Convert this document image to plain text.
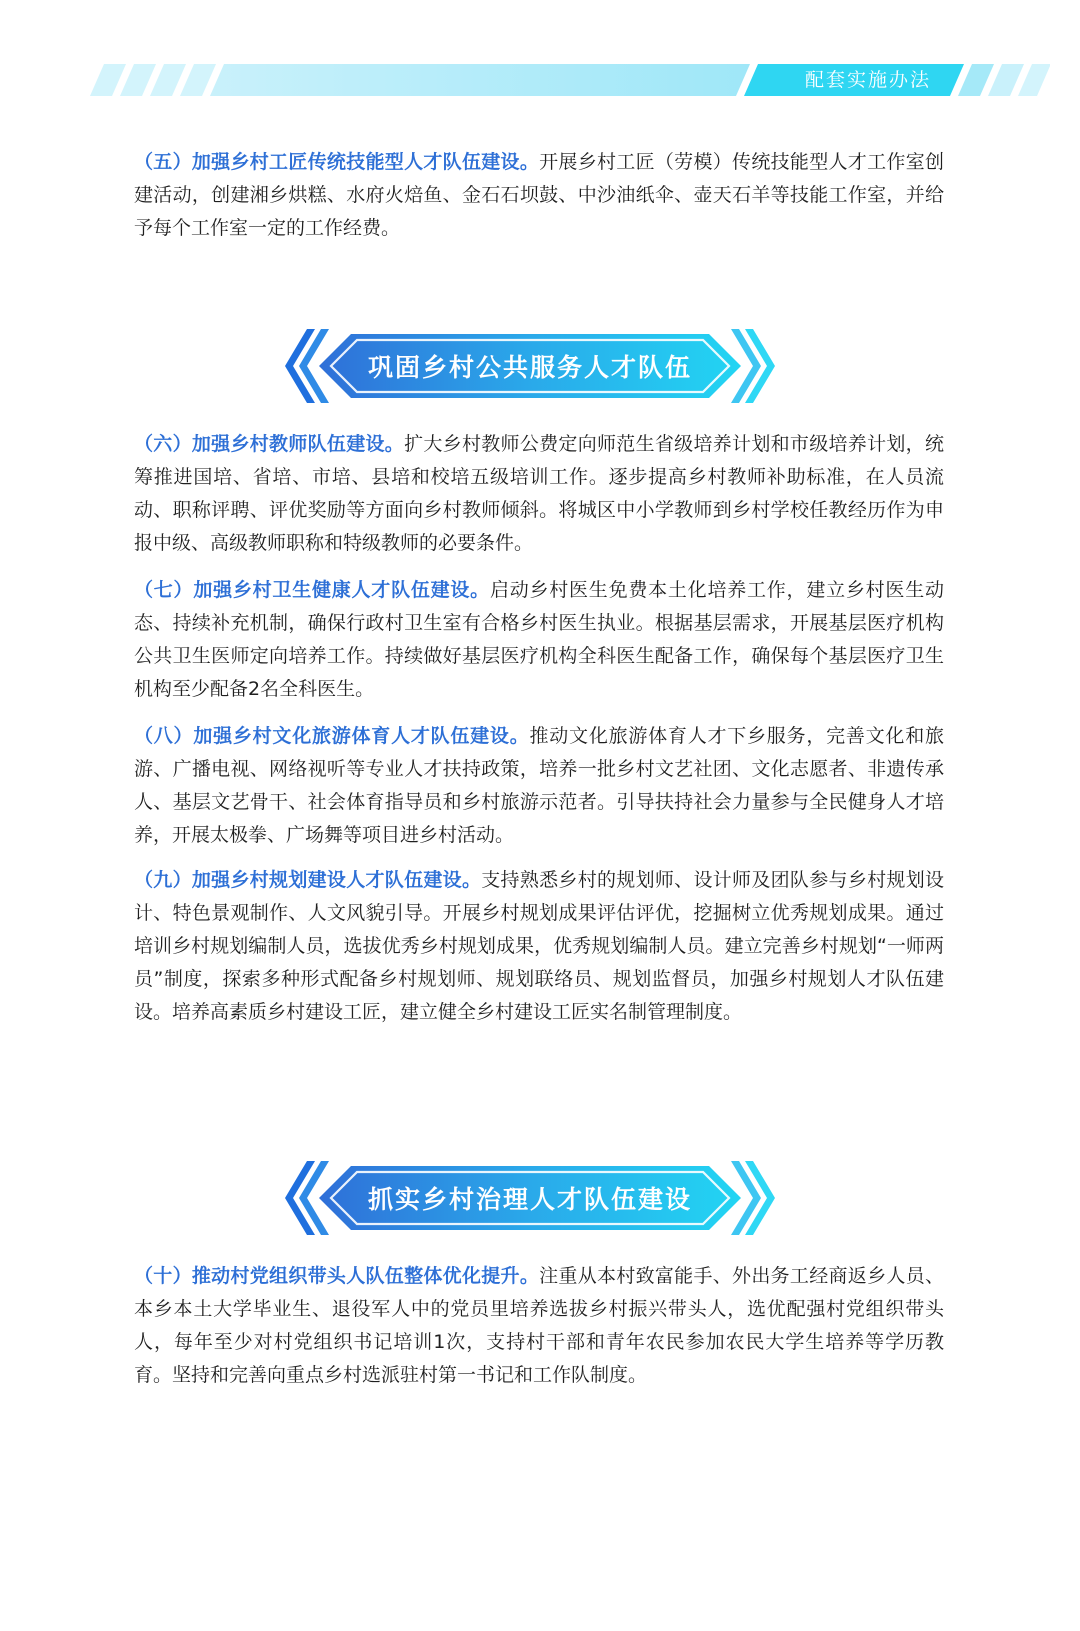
配套实施办法

（五）加强乡村工匠传统技能型人才队伍建设。开展乡村工匠（劳模）传统技能型人才工作室创建活动，创建湘乡烘糕、水府火焙鱼、金石石坝鼓、中沙油纸伞、壶天石羊等技能工作室，并给予每个工作室一定的工作经费。

巩固乡村公共服务人才队伍

（六）加强乡村教师队伍建设。扩大乡村教师公费定向师范生省级培养计划和市级培养计划，统筹推进国培、省培、市培、县培和校培五级培训工作。逐步提高乡村教师补助标准，在人员流动、职称评聘、评优奖励等方面向乡村教师倾斜。将城区中小学教师到乡村学校任教经历作为申报中级、高级教师职称和特级教师的必要条件。

（七）加强乡村卫生健康人才队伍建设。启动乡村医生免费本土化培养工作，建立乡村医生动态、持续补充机制，确保行政村卫生室有合格乡村医生执业。根据基层需求，开展基层医疗机构公共卫生医师定向培养工作。持续做好基层医疗机构全科医生配备工作，确保每个基层医疗卫生机构至少配备2名全科医生。

（八）加强乡村文化旅游体育人才队伍建设。推动文化旅游体育人才下乡服务，完善文化和旅游、广播电视、网络视听等专业人才扶持政策，培养一批乡村文艺社团、文化志愿者、非遗传承人、基层文艺骨干、社会体育指导员和乡村旅游示范者。引导扶持社会力量参与全民健身人才培养，开展太极拳、广场舞等项目进乡村活动。

（九）加强乡村规划建设人才队伍建设。支持熟悉乡村的规划师、设计师及团队参与乡村规划设计、特色景观制作、人文风貌引导。开展乡村规划成果评估评优，挖掘树立优秀规划成果。通过培训乡村规划编制人员，选拔优秀乡村规划成果，优秀规划编制人员。建立完善乡村规划“一师两员”制度，探索多种形式配备乡村规划师、规划联络员、规划监督员，加强乡村规划人才队伍建设。培养高素质乡村建设工匠，建立健全乡村建设工匠实名制管理制度。

抓实乡村治理人才队伍建设

（十）推动村党组织带头人队伍整体优化提升。注重从本村致富能手、外出务工经商返乡人员、本乡本土大学毕业生、退役军人中的党员里培养选拔乡村振兴带头人，选优配强村党组织带头人，每年至少对村党组织书记培训1次，支持村干部和青年农民参加农民大学生培养等学历教育。坚持和完善向重点乡村选派驻村第一书记和工作队制度。
